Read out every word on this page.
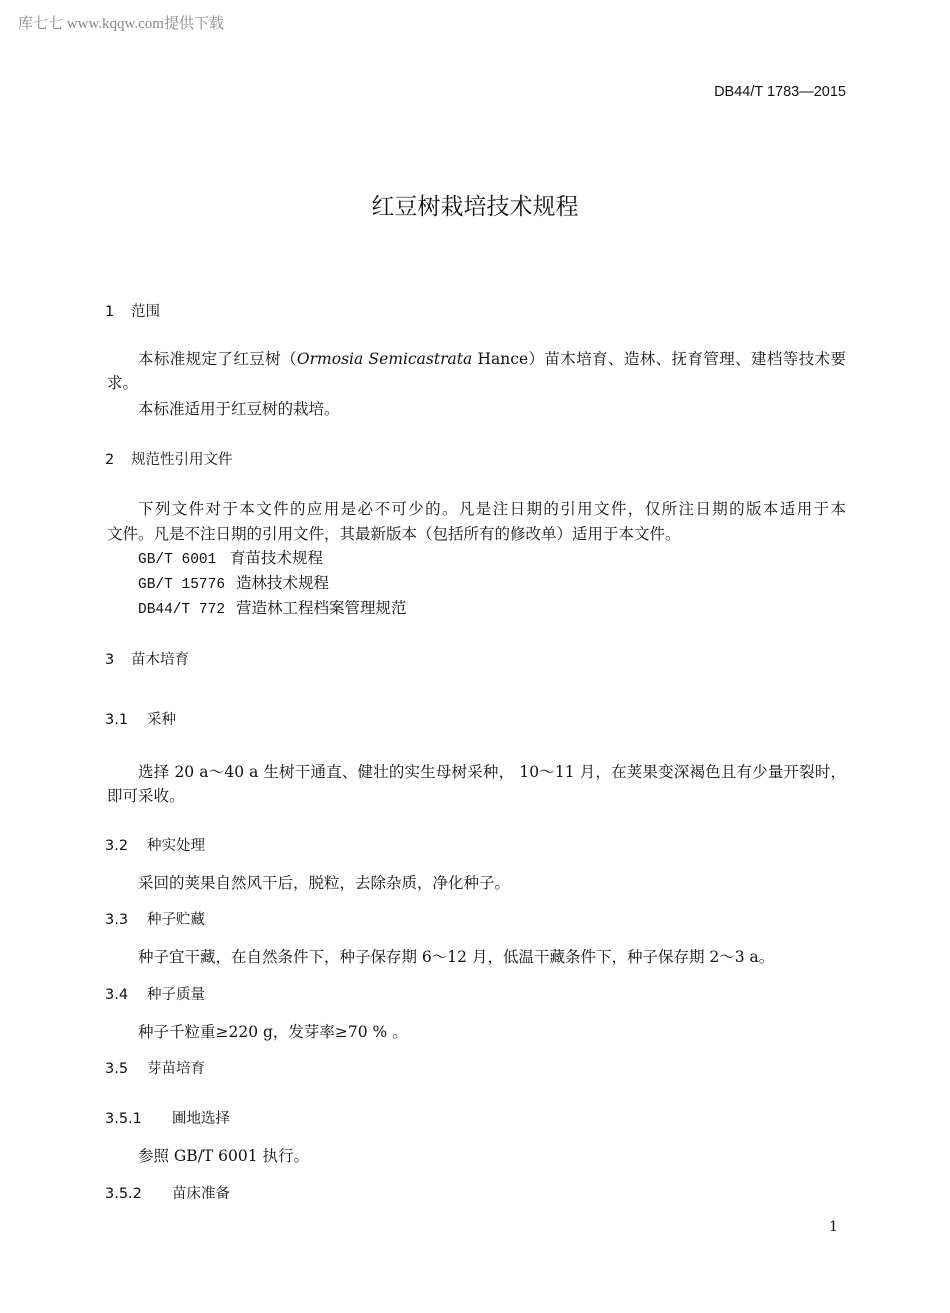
库七七 www.kqqw.com提供下载
DB44/T 1783—2015
红豆树栽培技术规程
1 范围
本标准规定了红豆树（Ormosia Semicastrata Hance）苗木培育、造林、抚育管理、建档等技术要
求。
本标准适用于红豆树的栽培。
2 规范性引用文件
下列文件对于本文件的应用是必不可少的。凡是注日期的引用文件，仅所注日期的版本适用于本
文件。凡是不注日期的引用文件，其最新版本（包括所有的修改单）适用于本文件。
GB/T 6001 育苗技术规程
GB/T 15776 造林技术规程
DB44/T 772 营造林工程档案管理规范
3 苗木培育
3.1 采种
选择 20 a～40 a 生树干通直、健壮的实生母树采种， 10～11 月，在荚果变深褐色且有少量开裂时，
即可采收。
3.2 种实处理
采回的荚果自然风干后，脱粒，去除杂质，净化种子。
3.3 种子贮藏
种子宜干藏，在自然条件下，种子保存期 6～12 月，低温干藏条件下，种子保存期 2～3 a。
3.4 种子质量
种子千粒重≥220 g，发芽率≥70 % 。
3.5 芽苗培育
3.5.1 圃地选择
参照 GB/T 6001 执行。
3.5.2 苗床准备
1
